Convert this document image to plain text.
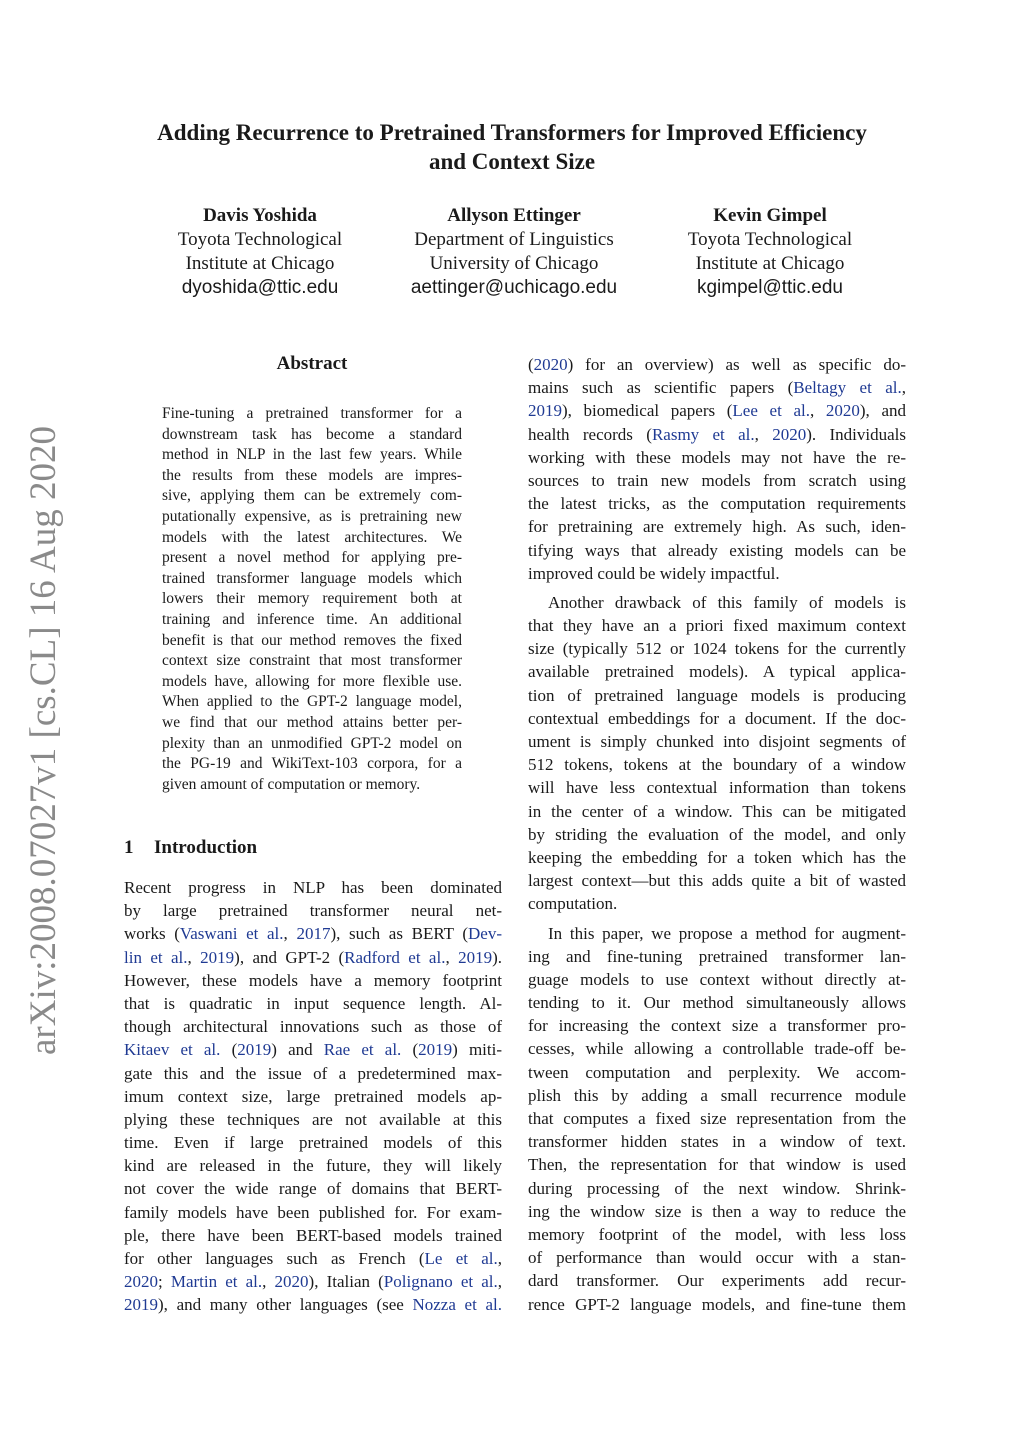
Adding Recurrence to Pretrained Transformers for Improved Efficiency
and Context Size
Davis Yoshida
Toyota Technological
Institute at Chicago
dyoshida@ttic.edu
Allyson Ettinger
Department of Linguistics
University of Chicago
aettinger@uchicago.edu
Kevin Gimpel
Toyota Technological
Institute at Chicago
kgimpel@ttic.edu
arXiv:2008.07027v1 [cs.CL] 16 Aug 2020
Abstract
Fine-tuning a pretrained transformer for a
downstream task has become a standard
method in NLP in the last few years. While
the results from these models are impres-
sive, applying them can be extremely com-
putationally expensive, as is pretraining new
models with the latest architectures. We
present a novel method for applying pre-
trained transformer language models which
lowers their memory requirement both at
training and inference time. An additional
benefit is that our method removes the fixed
context size constraint that most transformer
models have, allowing for more flexible use.
When applied to the GPT-2 language model,
we find that our method attains better per-
plexity than an unmodified GPT-2 model on
the PG-19 and WikiText-103 corpora, for a
given amount of computation or memory.
1 Introduction
Recent progress in NLP has been dominated
by large pretrained transformer neural net-
works (Vaswani et al., 2017), such as BERT (Dev-
lin et al., 2019), and GPT-2 (Radford et al., 2019).
However, these models have a memory footprint
that is quadratic in input sequence length. Al-
though architectural innovations such as those of
Kitaev et al. (2019) and Rae et al. (2019) miti-
gate this and the issue of a predetermined max-
imum context size, large pretrained models ap-
plying these techniques are not available at this
time. Even if large pretrained models of this
kind are released in the future, they will likely
not cover the wide range of domains that BERT-
family models have been published for. For exam-
ple, there have been BERT-based models trained
for other languages such as French (Le et al.,
2020; Martin et al., 2020), Italian (Polignano et al.,
2019), and many other languages (see Nozza et al.
(2020) for an overview) as well as specific do-
mains such as scientific papers (Beltagy et al.,
2019), biomedical papers (Lee et al., 2020), and
health records (Rasmy et al., 2020). Individuals
working with these models may not have the re-
sources to train new models from scratch using
the latest tricks, as the computation requirements
for pretraining are extremely high. As such, iden-
tifying ways that already existing models can be
improved could be widely impactful.
Another drawback of this family of models is
that they have an a priori fixed maximum context
size (typically 512 or 1024 tokens for the currently
available pretrained models). A typical applica-
tion of pretrained language models is producing
contextual embeddings for a document. If the doc-
ument is simply chunked into disjoint segments of
512 tokens, tokens at the boundary of a window
will have less contextual information than tokens
in the center of a window. This can be mitigated
by striding the evaluation of the model, and only
keeping the embedding for a token which has the
largest context—but this adds quite a bit of wasted
computation.
In this paper, we propose a method for augment-
ing and fine-tuning pretrained transformer lan-
guage models to use context without directly at-
tending to it. Our method simultaneously allows
for increasing the context size a transformer pro-
cesses, while allowing a controllable trade-off be-
tween computation and perplexity. We accom-
plish this by adding a small recurrence module
that computes a fixed size representation from the
transformer hidden states in a window of text.
Then, the representation for that window is used
during processing of the next window. Shrink-
ing the window size is then a way to reduce the
memory footprint of the model, with less loss
of performance than would occur with a stan-
dard transformer. Our experiments add recur-
rence GPT-2 language models, and fine-tune them
